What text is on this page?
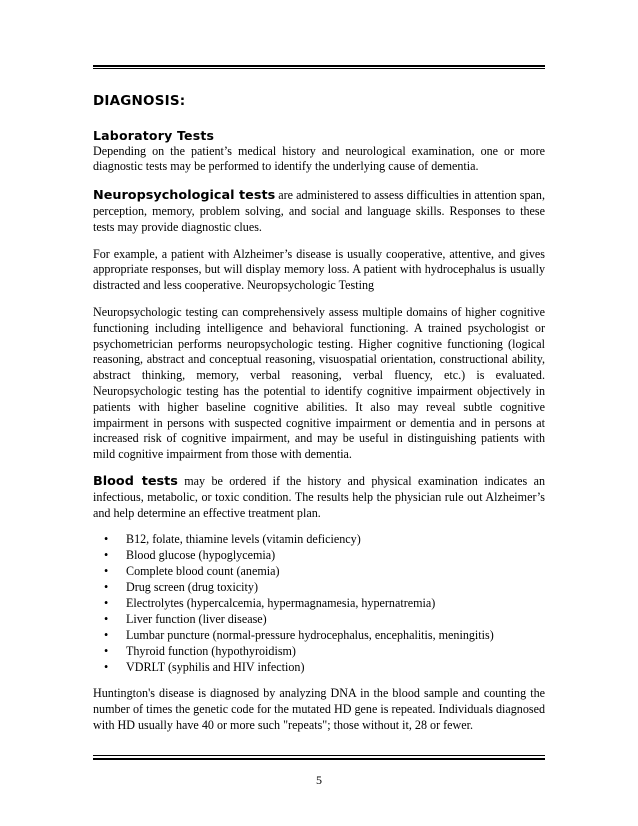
DIAGNOSIS:
Laboratory Tests

Depending on the patient’s medical history and neurological examination, one or more diagnostic tests may be performed to identify the underlying cause of dementia.

Neuropsychological tests are administered to assess difficulties in attention span, perception, memory, problem solving, and social and language skills. Responses to these tests may provide diagnostic clues.

For example, a patient with Alzheimer’s disease is usually cooperative, attentive, and gives appropriate responses, but will display memory loss. A patient with hydrocephalus is usually distracted and less cooperative. Neuropsychologic Testing

Neuropsychologic testing can comprehensively assess multiple domains of higher cognitive functioning including intelligence and behavioral functioning. A trained psychologist or psychometrician performs neuropsychologic testing. Higher cognitive functioning (logical reasoning, abstract and conceptual reasoning, visuospatial orientation, constructional ability, abstract thinking, memory, verbal reasoning, verbal fluency, etc.) is evaluated. Neuropsychologic testing has the potential to identify cognitive impairment objectively in patients with higher baseline cognitive abilities. It also may reveal subtle cognitive impairment in persons with suspected cognitive impairment or dementia and in persons at increased risk of cognitive impairment, and may be useful in distinguishing patients with mild cognitive impairment from those with dementia.

Blood tests may be ordered if the history and physical examination indicates an infectious, metabolic, or toxic condition. The results help the physician rule out Alzheimer’s and help determine an effective treatment plan.

• B12, folate, thiamine levels (vitamin deficiency)
• Blood glucose (hypoglycemia)
• Complete blood count (anemia)
• Drug screen (drug toxicity)
• Electrolytes (hypercalcemia, hypermagnamesia, hypernatremia)
• Liver function (liver disease)
• Lumbar puncture (normal-pressure hydrocephalus, encephalitis, meningitis)
• Thyroid function (hypothyroidism)
• VDRLT (syphilis and HIV infection)

Huntington's disease is diagnosed by analyzing DNA in the blood sample and counting the number of times the genetic code for the mutated HD gene is repeated. Individuals diagnosed with HD usually have 40 or more such "repeats"; those without it, 28 or fewer.

5
